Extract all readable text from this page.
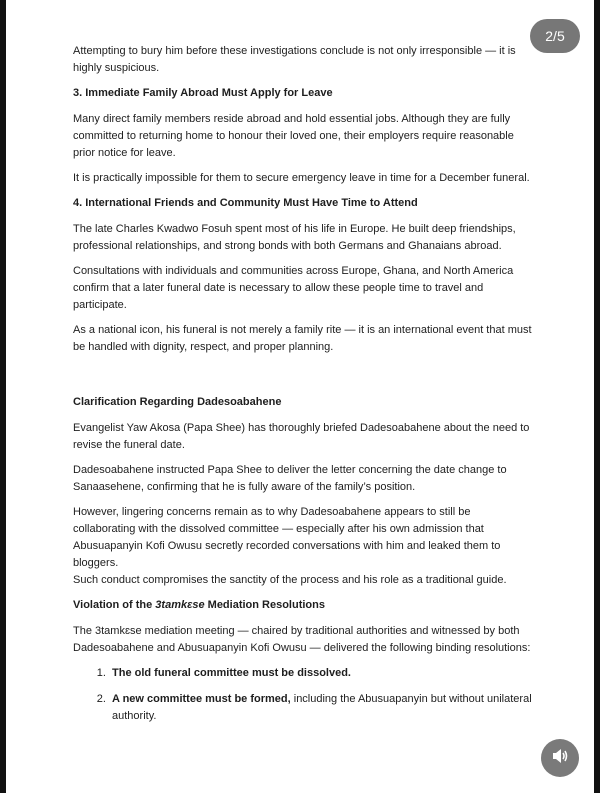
Attempting to bury him before these investigations conclude is not only irresponsible — it is highly suspicious.

3. Immediate Family Abroad Must Apply for Leave

Many direct family members reside abroad and hold essential jobs. Although they are fully committed to returning home to honour their loved one, their employers require reasonable prior notice for leave.

It is practically impossible for them to secure emergency leave in time for a December funeral.

4. International Friends and Community Must Have Time to Attend

The late Charles Kwadwo Fosuh spent most of his life in Europe. He built deep friendships, professional relationships, and strong bonds with both Germans and Ghanaians abroad.

Consultations with individuals and communities across Europe, Ghana, and North America confirm that a later funeral date is necessary to allow these people time to travel and participate.

As a national icon, his funeral is not merely a family rite — it is an international event that must be handled with dignity, respect, and proper planning.

Clarification Regarding Dadesoabahene

Evangelist Yaw Akosa (Papa Shee) has thoroughly briefed Dadesoabahene about the need to revise the funeral date.

Dadesoabahene instructed Papa Shee to deliver the letter concerning the date change to Sanaasehene, confirming that he is fully aware of the family’s position.

However, lingering concerns remain as to why Dadesoabahene appears to still be collaborating with the dissolved committee — especially after his own admission that Abusuapanyin Kofi Owusu secretly recorded conversations with him and leaked them to bloggers.

Such conduct compromises the sanctity of the process and his role as a traditional guide.

Violation of the 3tamkɛse Mediation Resolutions

The 3tamkɛse mediation meeting — chaired by traditional authorities and witnessed by both Dadesoabahene and Abusuapanyin Kofi Owusu — delivered the following binding resolutions:

1. The old funeral committee must be dissolved.
2. A new committee must be formed, including the Abusuapanyin but without unilateral authority.
2/5
